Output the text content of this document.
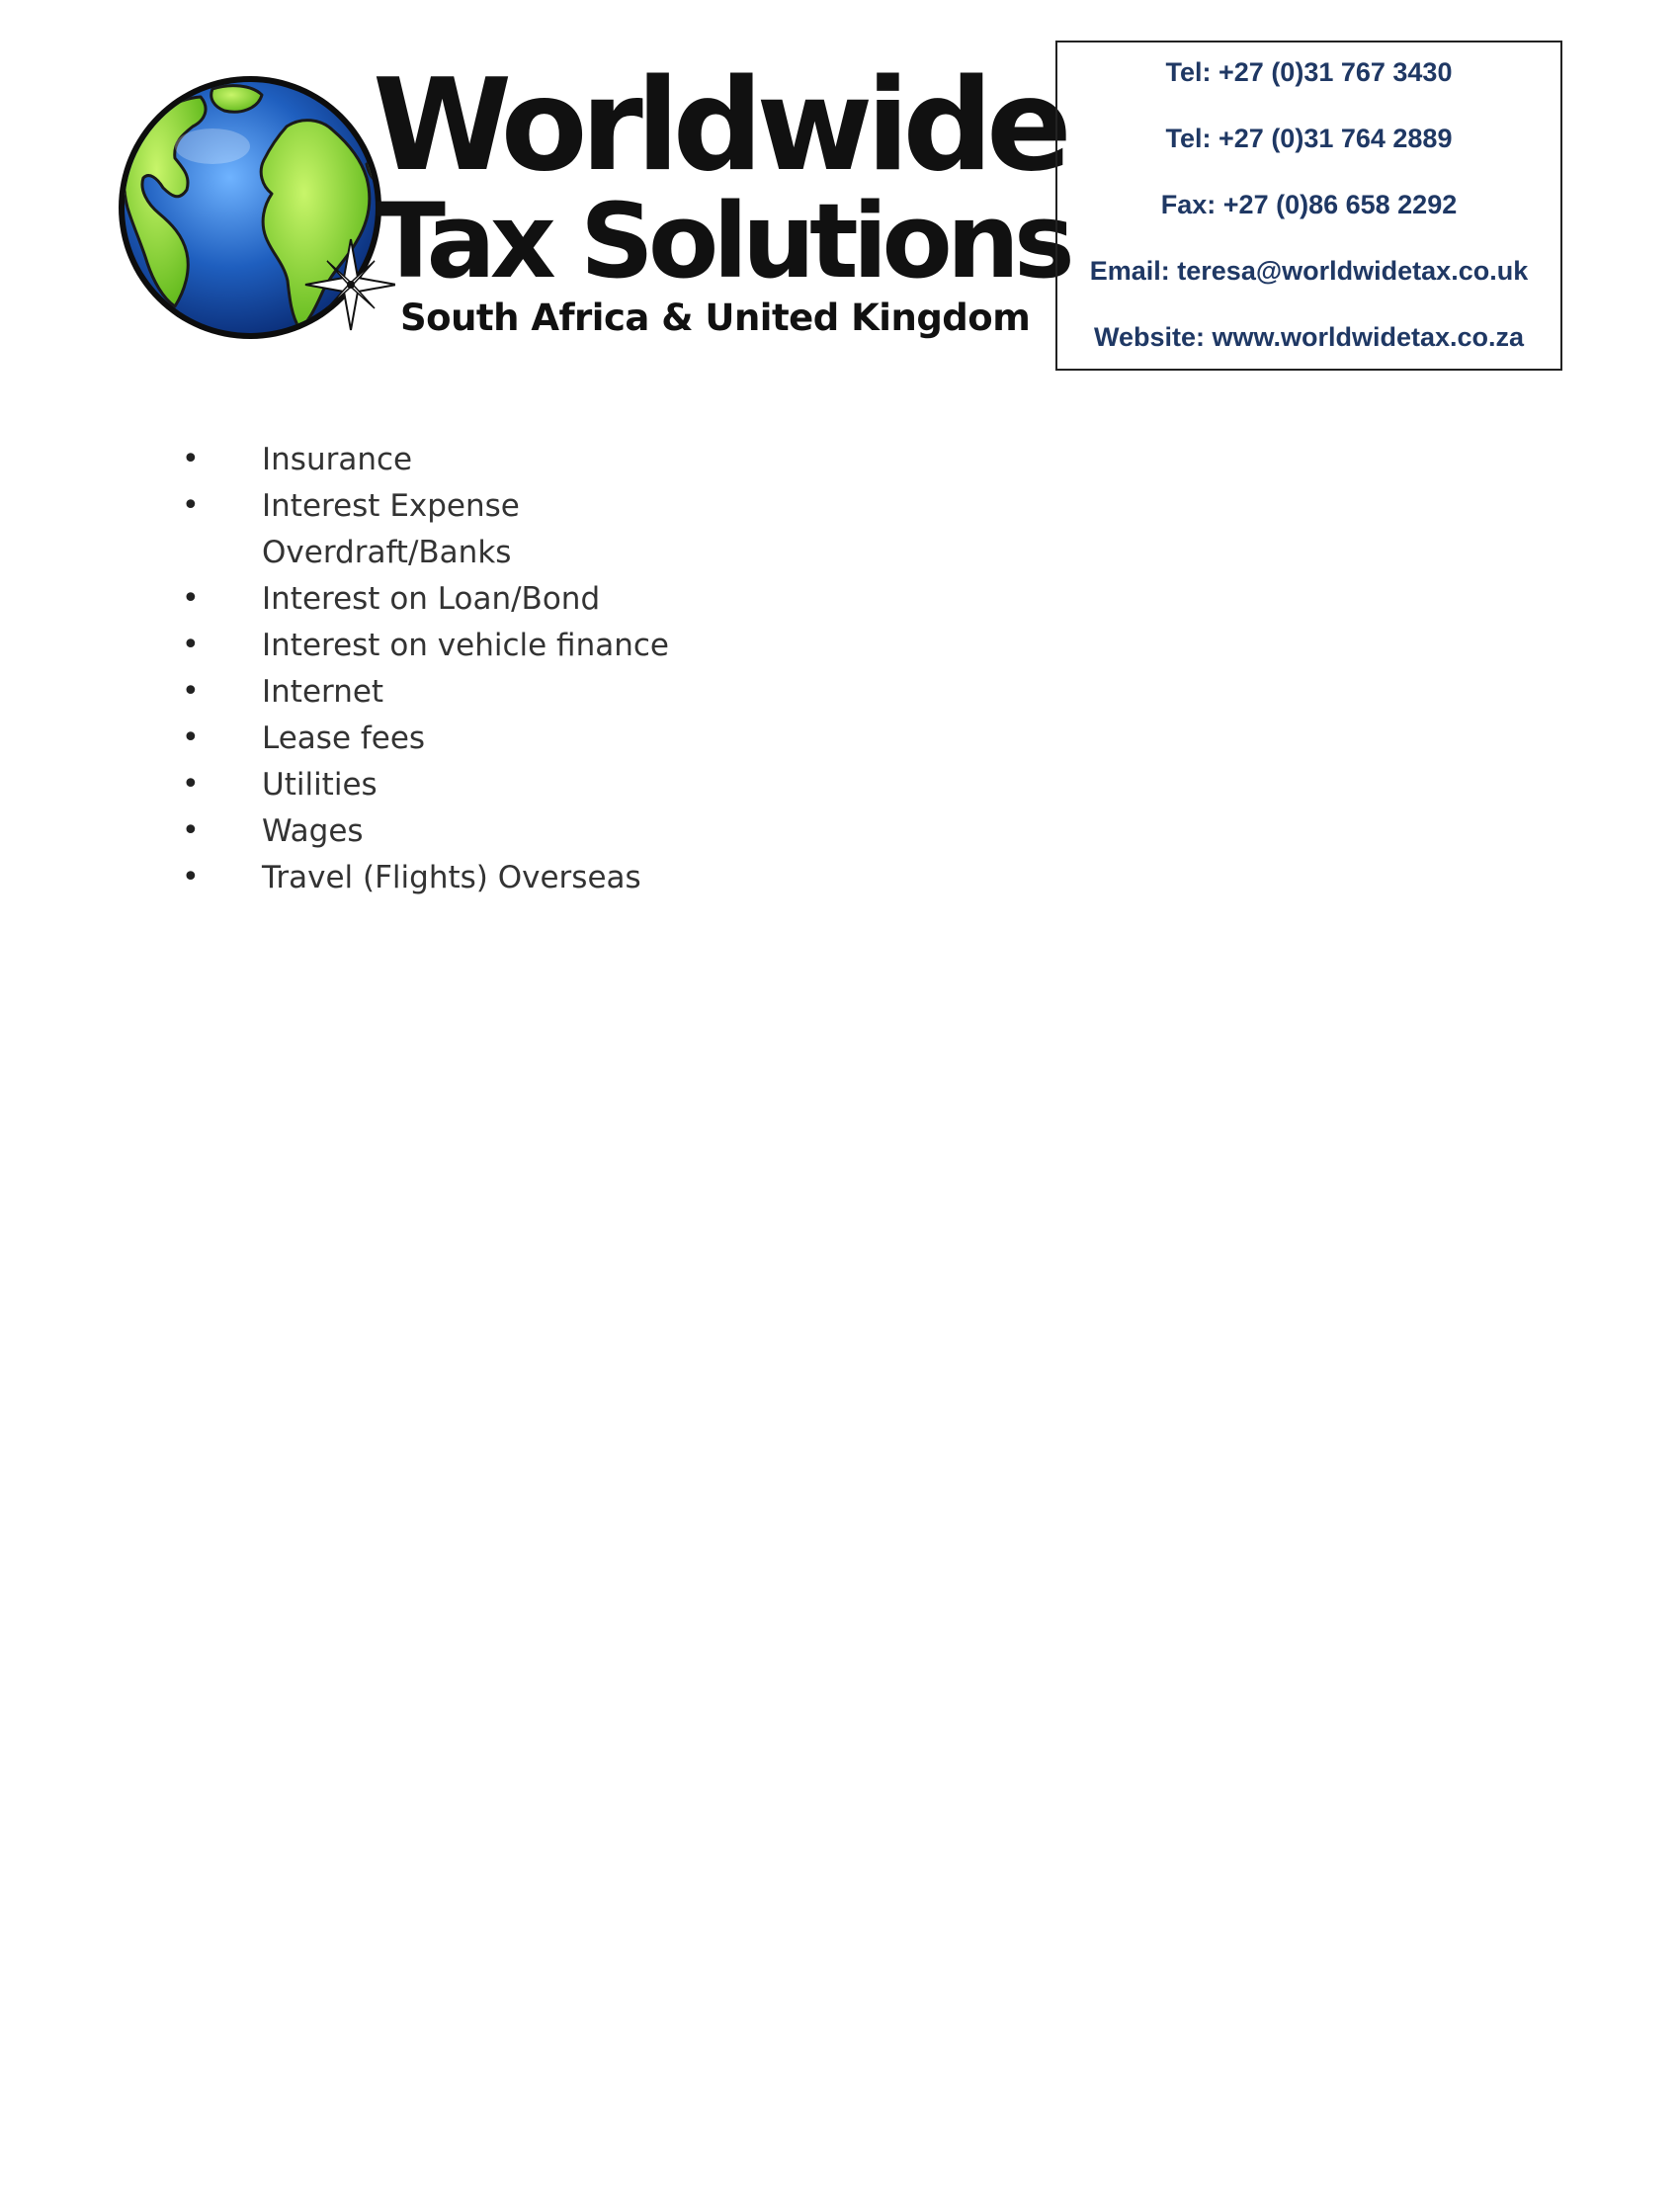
Worldwide
Tax Solutions
South Africa & United Kingdom
Tel: +27 (0)31 767 3430
Tel: +27 (0)31 764 2889
Fax: +27 (0)86 658 2292
Email: teresa@worldwidetax.co.uk
Website: www.worldwidetax.co.za
• Insurance
• Interest Expense
Overdraft/Banks
• Interest on Loan/Bond
• Interest on vehicle finance
• Internet
• Lease fees
• Utilities
• Wages
• Travel (Flights) Overseas
